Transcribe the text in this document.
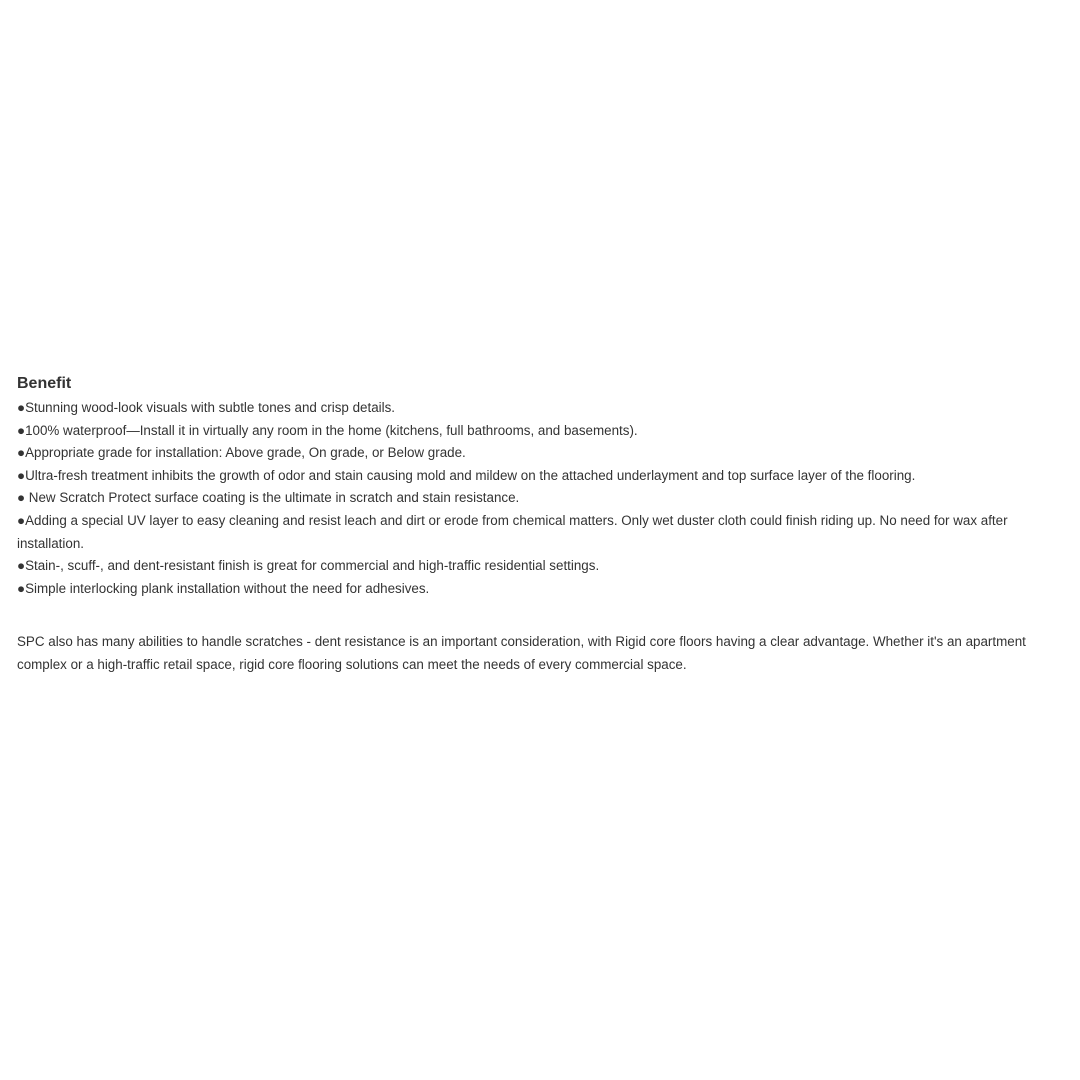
Benefit
●Stunning wood-look visuals with subtle tones and crisp details.
●100% waterproof—Install it in virtually any room in the home (kitchens, full bathrooms, and basements).
●Appropriate grade for installation: Above grade, On grade, or Below grade.
●Ultra-fresh treatment inhibits the growth of odor and stain causing mold and mildew on the attached underlayment and top surface layer of the flooring.
● New Scratch Protect surface coating is the ultimate in scratch and stain resistance.
●Adding a special UV layer to easy cleaning and resist leach and dirt or erode from chemical matters. Only wet duster cloth could finish riding up. No need for wax after installation.
●Stain-, scuff-, and dent-resistant finish is great for commercial and high-traffic residential settings.
●Simple interlocking plank installation without the need for adhesives.

SPC also has many abilities to handle scratches - dent resistance is an important consideration, with Rigid core floors having a clear advantage. Whether it's an apartment complex or a high-traffic retail space, rigid core flooring solutions can meet the needs of every commercial space.
